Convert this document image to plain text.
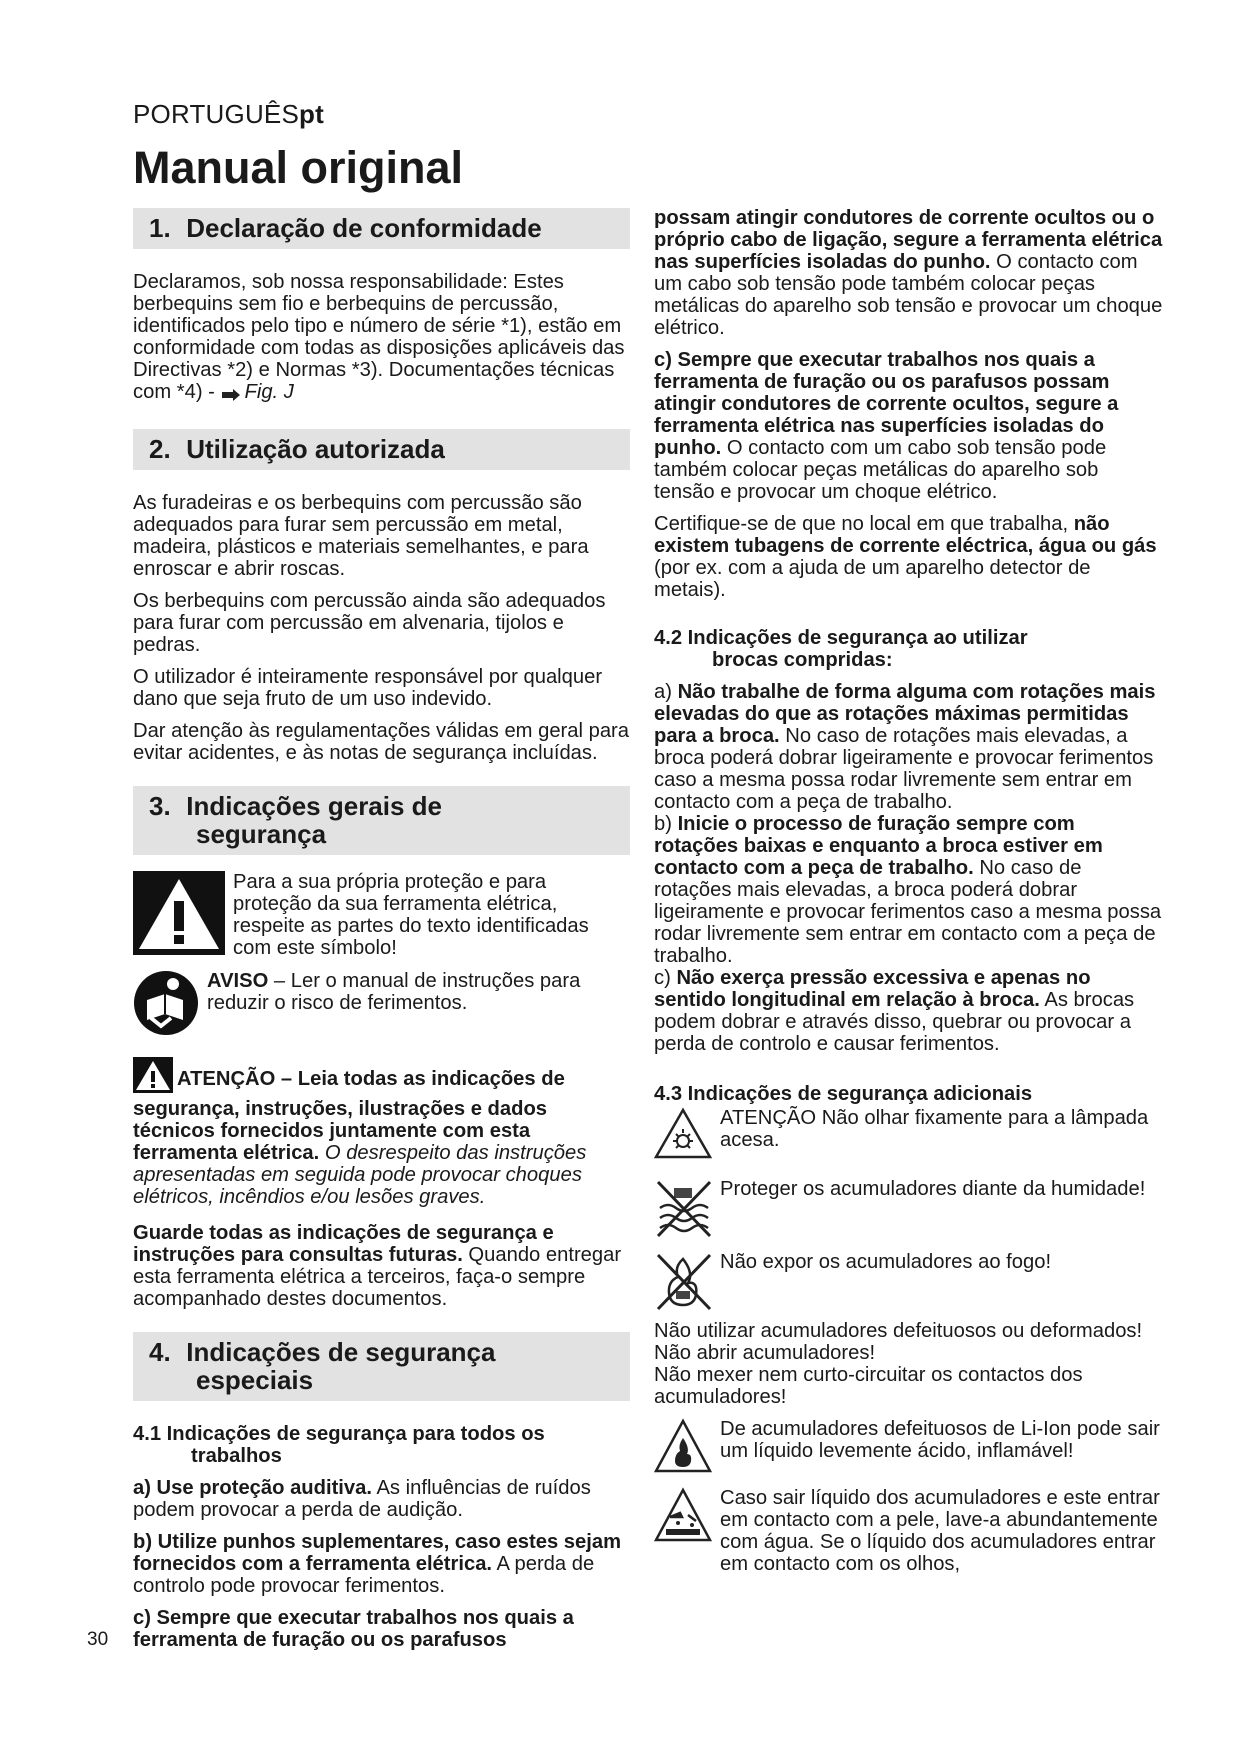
PORTUGUÊSpt
Manual original
1. Declaração de conformidade

Declaramos, sob nossa responsabilidade: Estes berbequins sem fio e berbequins de percussão, identificados pelo tipo e número de série *1), estão em conformidade com todas as disposições aplicáveis das Directivas *2) e Normas *3). Documentações técnicas com *4) - Fig. J

2. Utilização autorizada

As furadeiras e os berbequins com percussão são adequados para furar sem percussão em metal, madeira, plásticos e materiais semelhantes, e para enroscar e abrir roscas.

Os berbequins com percussão ainda são adequados para furar com percussão em alvenaria, tijolos e pedras.

O utilizador é inteiramente responsável por qualquer dano que seja fruto de um uso indevido.

Dar atenção às regulamentações válidas em geral para evitar acidentes, e às notas de segurança incluídas.

3. Indicações gerais de
segurança

Para a sua própria proteção e para proteção da sua ferramenta elétrica, respeite as partes do texto identificadas com este símbolo!

AVISO – Ler o manual de instruções para reduzir o risco de ferimentos.

ATENÇÃO – Leia todas as indicações de segurança, instruções, ilustrações e dados técnicos fornecidos juntamente com esta ferramenta elétrica. O desrespeito das instruções apresentadas em seguida pode provocar choques elétricos, incêndios e/ou lesões graves.

Guarde todas as indicações de segurança e instruções para consultas futuras. Quando entregar esta ferramenta elétrica a terceiros, faça-o sempre acompanhado destes documentos.

4. Indicações de segurança
especiais
4.1 Indicações de segurança para todos os
trabalhos

a) Use proteção auditiva. As influências de ruídos podem provocar a perda de audição.

b) Utilize punhos suplementares, caso estes sejam fornecidos com a ferramenta elétrica. A perda de controlo pode provocar ferimentos.

c) Sempre que executar trabalhos nos quais a ferramenta de furação ou os parafusos

possam atingir condutores de corrente ocultos ou o próprio cabo de ligação, segure a ferramenta elétrica nas superfícies isoladas do punho. O contacto com um cabo sob tensão pode também colocar peças metálicas do aparelho sob tensão e provocar um choque elétrico.

c) Sempre que executar trabalhos nos quais a ferramenta de furação ou os parafusos possam atingir condutores de corrente ocultos, segure a ferramenta elétrica nas superfícies isoladas do punho. O contacto com um cabo sob tensão pode também colocar peças metálicas do aparelho sob tensão e provocar um choque elétrico.

Certifique-se de que no local em que trabalha, não existem tubagens de corrente eléctrica, água ou gás (por ex. com a ajuda de um aparelho detector de metais).

4.2 Indicações de segurança ao utilizar
brocas compridas:

a) Não trabalhe de forma alguma com rotações mais elevadas do que as rotações máximas permitidas para a broca. No caso de rotações mais elevadas, a broca poderá dobrar ligeiramente e provocar ferimentos caso a mesma possa rodar livremente sem entrar em contacto com a peça de trabalho.

b) Inicie o processo de furação sempre com rotações baixas e enquanto a broca estiver em contacto com a peça de trabalho. No caso de rotações mais elevadas, a broca poderá dobrar ligeiramente e provocar ferimentos caso a mesma possa rodar livremente sem entrar em contacto com a peça de trabalho.

c) Não exerça pressão excessiva e apenas no sentido longitudinal em relação à broca. As brocas podem dobrar e através disso, quebrar ou provocar a perda de controlo e causar ferimentos.

4.3 Indicações de segurança adicionais

ATENÇÃO Não olhar fixamente para a lâmpada acesa.

Proteger os acumuladores diante da humidade!

Não expor os acumuladores ao fogo!

Não utilizar acumuladores defeituosos ou deformados!

Não abrir acumuladores!

Não mexer nem curto-circuitar os contactos dos acumuladores!

De acumuladores defeituosos de Li-Ion pode sair um líquido levemente ácido, inflamável!

Caso sair líquido dos acumuladores e este entrar em contacto com a pele, lave-a abundantemente com água. Se o líquido dos acumuladores entrar em contacto com os olhos,

30
